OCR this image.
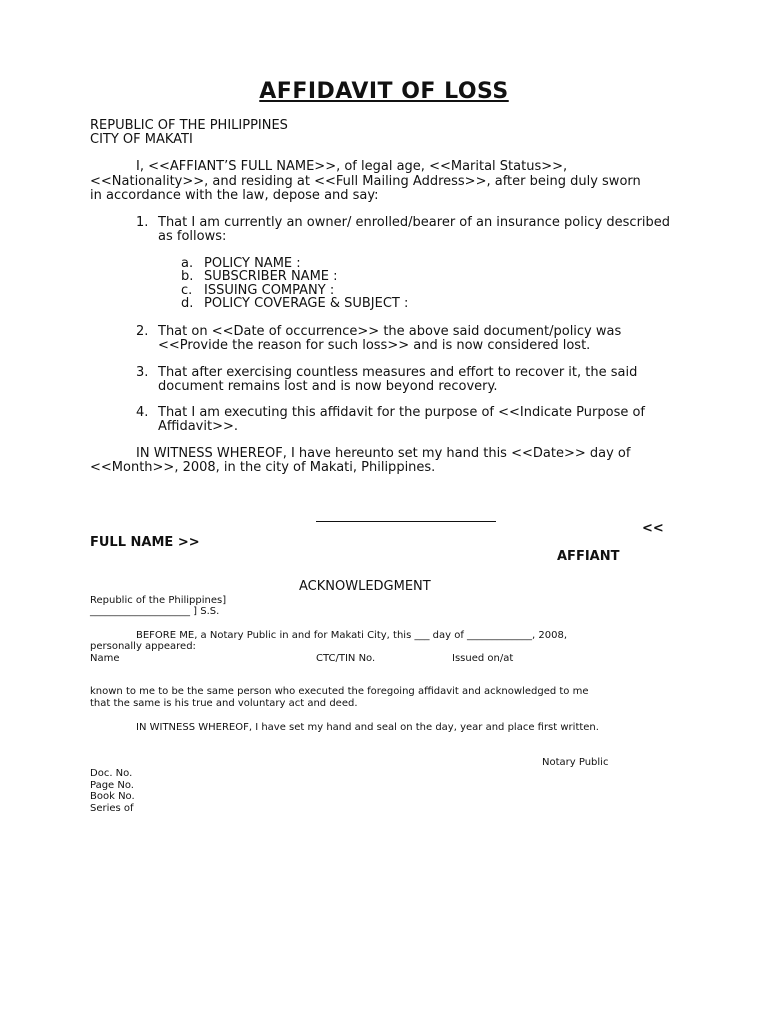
AFFIDAVIT OF LOSS
REPUBLIC OF THE PHILIPPINES
CITY OF MAKATI
I, <<AFFIANT’S FULL NAME>>, of legal age, <<Marital Status>>,
<<Nationality>>, and residing at <<Full Mailing Address>>, after being duly sworn
in accordance with the law, depose and say:
1. That I am currently an owner/ enrolled/bearer of an insurance policy described
as follows:
a. POLICY NAME :
b. SUBSCRIBER NAME :
c. ISSUING COMPANY :
d. POLICY COVERAGE & SUBJECT :
2. That on <<Date of occurrence>> the above said document/policy was
<<Provide the reason for such loss>> and is now considered lost.
3. That after exercising countless measures and effort to recover it, the said
document remains lost and is now beyond recovery.
4. That I am executing this affidavit for the purpose of <<Indicate Purpose of
Affidavit>>.
IN WITNESS WHEREOF, I have hereunto set my hand this <<Date>> day of
<<Month>>, 2008, in the city of Makati, Philippines.
<<
FULL NAME >>
AFFIANT
ACKNOWLEDGMENT
Republic of the Philippines]
____________________ ] S.S.
BEFORE ME, a Notary Public in and for Makati City, this ___ day of _____________, 2008,
personally appeared:
Name	CTC/TIN No.	Issued on/at
known to me to be the same person who executed the foregoing affidavit and acknowledged to me
that the same is his true and voluntary act and deed.
IN WITNESS WHEREOF, I have set my hand and seal on the day, year and place first written.
Notary Public
Doc. No.
Page No.
Book No.
Series of
